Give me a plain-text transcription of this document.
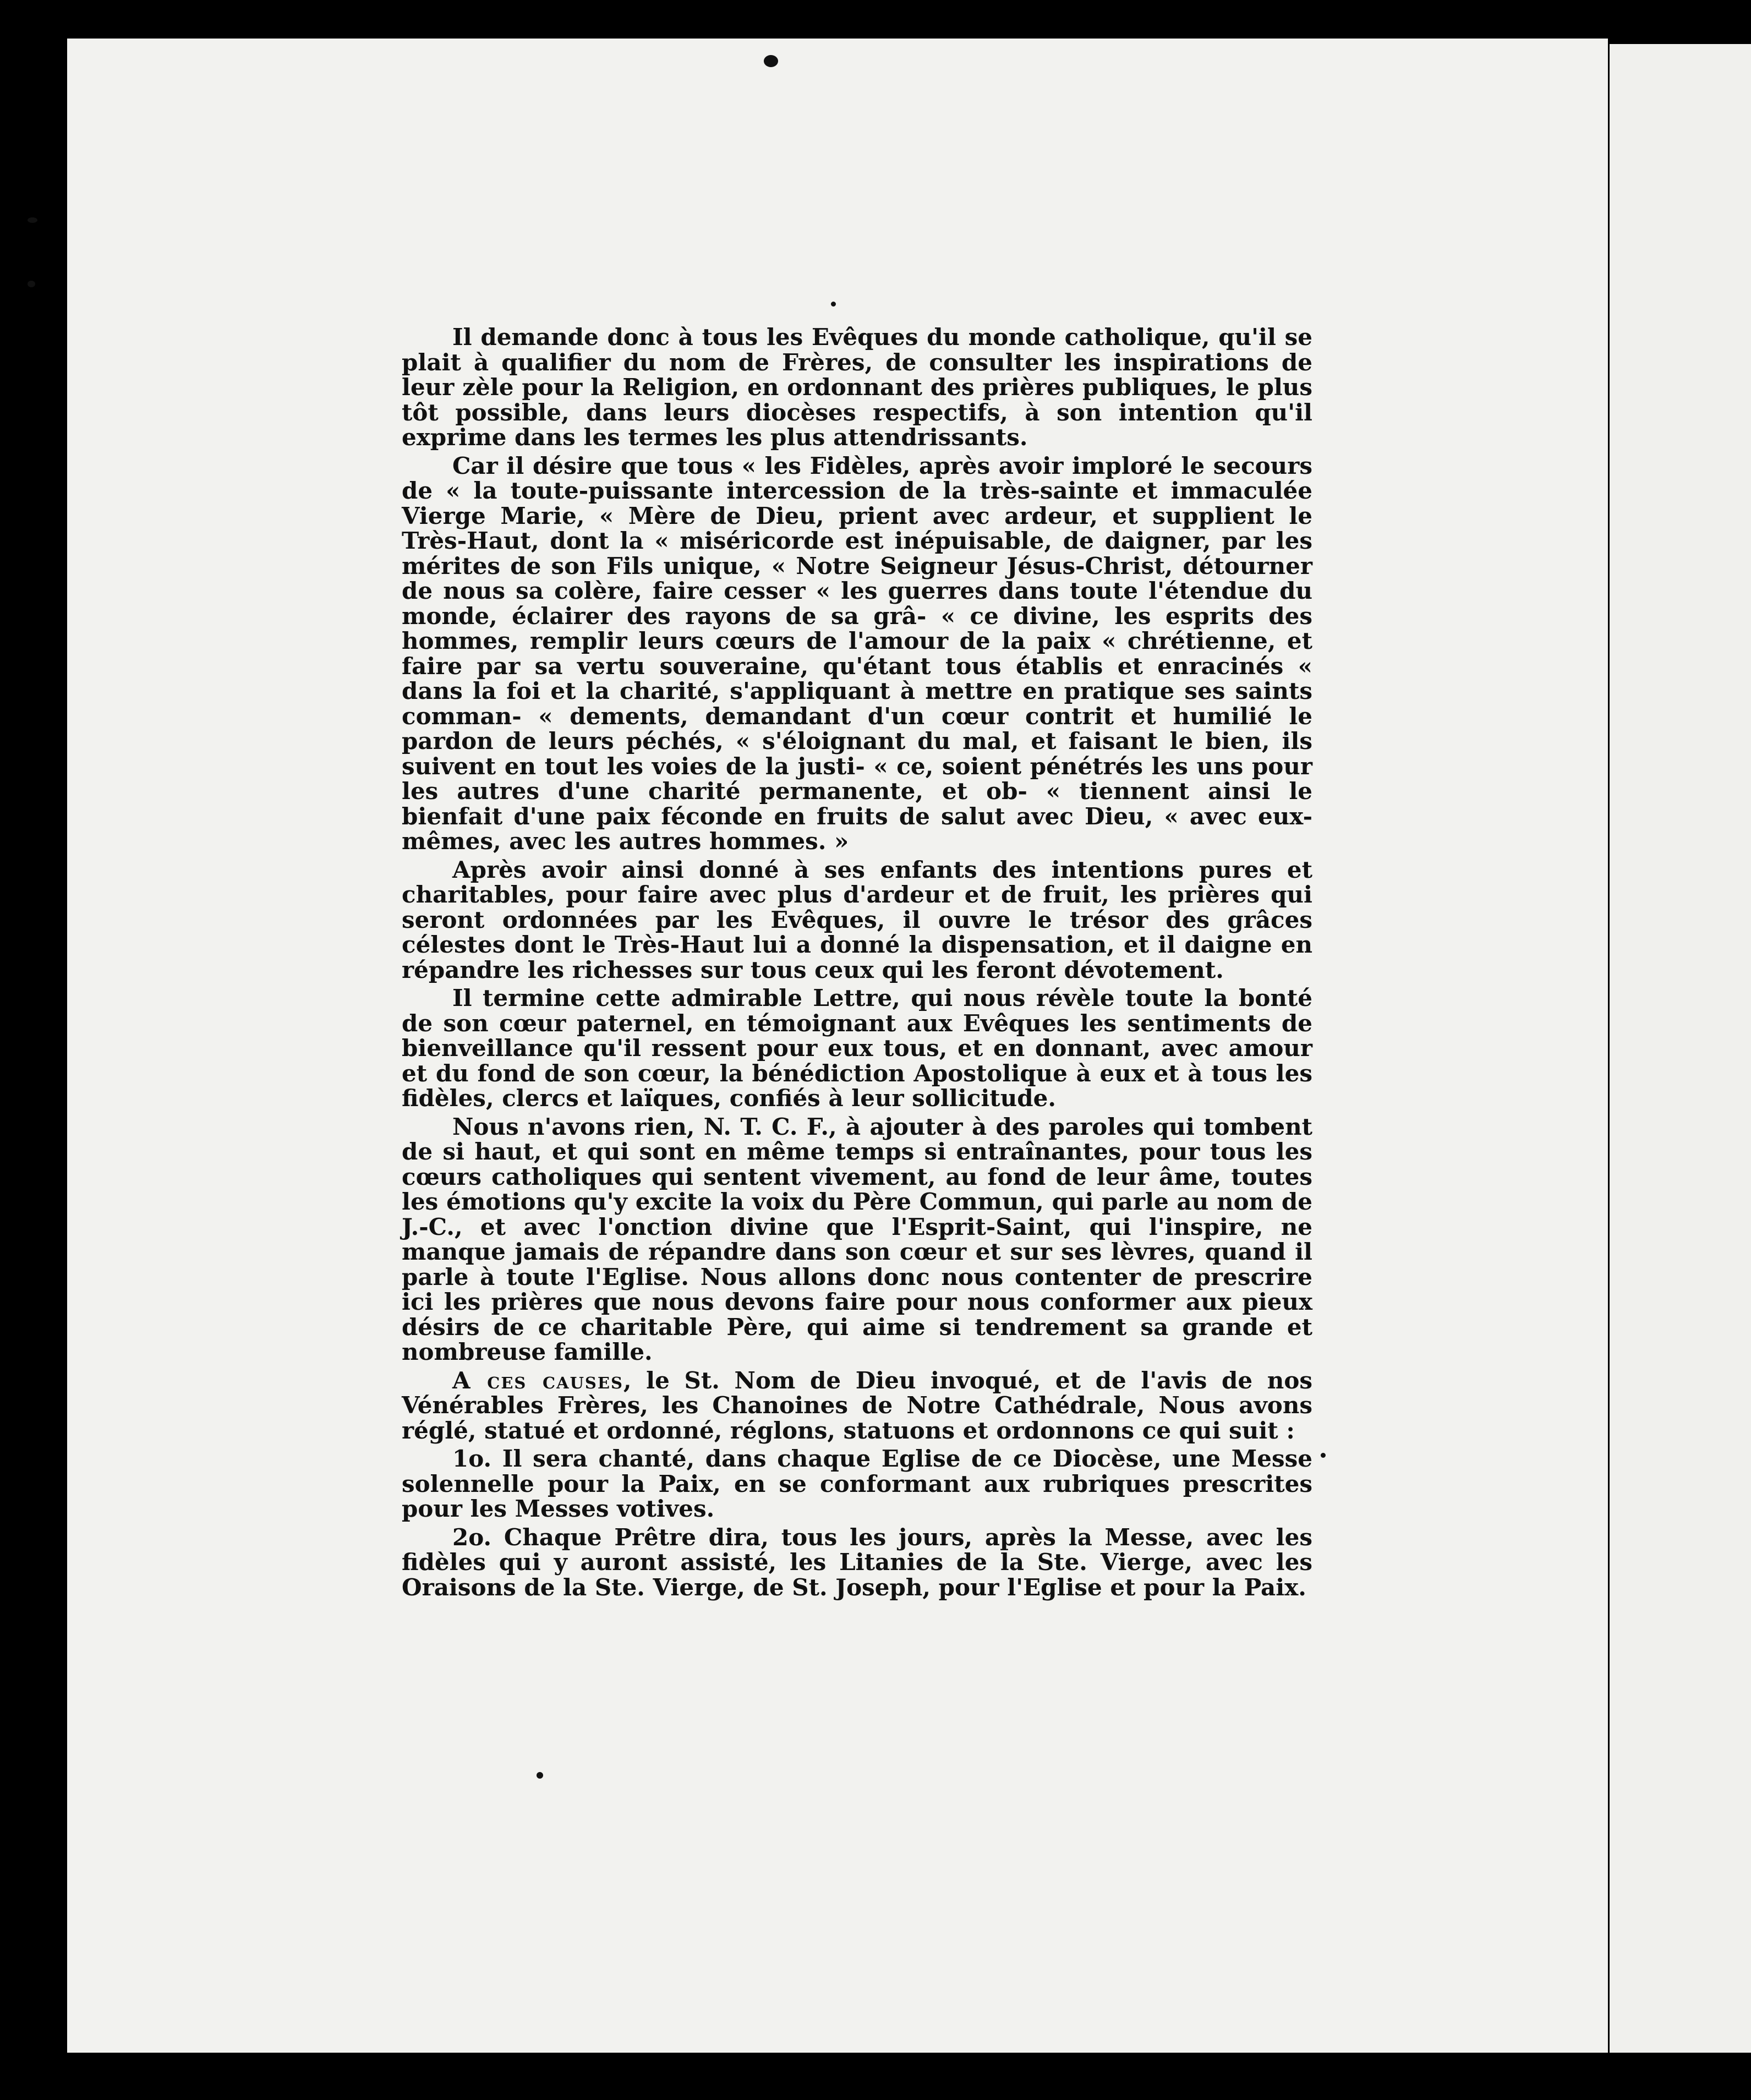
Il demande donc à tous les Evêques du monde catholique, qu'il se plait à qualifier du nom de Frères, de consulter les inspirations de leur zèle pour la Religion, en ordonnant des prières publiques, le plus tôt possible, dans leurs diocèses respectifs, à son intention qu'il exprime dans les termes les plus attendrissants.

Car il désire que tous « les Fidèles, après avoir imploré le secours de « la toute-puissante intercession de la très-sainte et immaculée Vierge Marie, « Mère de Dieu, prient avec ardeur, et supplient le Très-Haut, dont la « miséricorde est inépuisable, de daigner, par les mérites de son Fils unique, « Notre Seigneur Jésus-Christ, détourner de nous sa colère, faire cesser « les guerres dans toute l'étendue du monde, éclairer des rayons de sa grâ- « ce divine, les esprits des hommes, remplir leurs cœurs de l'amour de la paix « chrétienne, et faire par sa vertu souveraine, qu'étant tous établis et enracinés « dans la foi et la charité, s'appliquant à mettre en pratique ses saints comman- « dements, demandant d'un cœur contrit et humilié le pardon de leurs péchés, « s'éloignant du mal, et faisant le bien, ils suivent en tout les voies de la justi- « ce, soient pénétrés les uns pour les autres d'une charité permanente, et ob- « tiennent ainsi le bienfait d'une paix féconde en fruits de salut avec Dieu, « avec eux-mêmes, avec les autres hommes. »

Après avoir ainsi donné à ses enfants des intentions pures et charitables, pour faire avec plus d'ardeur et de fruit, les prières qui seront ordonnées par les Evêques, il ouvre le trésor des grâces célestes dont le Très-Haut lui a donné la dispensation, et il daigne en répandre les richesses sur tous ceux qui les feront dévotement.

Il termine cette admirable Lettre, qui nous révèle toute la bonté de son cœur paternel, en témoignant aux Evêques les sentiments de bienveillance qu'il ressent pour eux tous, et en donnant, avec amour et du fond de son cœur, la bénédiction Apostolique à eux et à tous les fidèles, clercs et laïques, confiés à leur sollicitude.

Nous n'avons rien, N. T. C. F., à ajouter à des paroles qui tombent de si haut, et qui sont en même temps si entraînantes, pour tous les cœurs catholiques qui sentent vivement, au fond de leur âme, toutes les émotions qu'y excite la voix du Père Commun, qui parle au nom de J.-C., et avec l'onction divine que l'Esprit-Saint, qui l'inspire, ne manque jamais de répandre dans son cœur et sur ses lèvres, quand il parle à toute l'Eglise. Nous allons donc nous contenter de prescrire ici les prières que nous devons faire pour nous conformer aux pieux désirs de ce charitable Père, qui aime si tendrement sa grande et nombreuse famille.

A ces causes, le St. Nom de Dieu invoqué, et de l'avis de nos Vénérables Frères, les Chanoines de Notre Cathédrale, Nous avons réglé, statué et ordonné, réglons, statuons et ordonnons ce qui suit :

1o. Il sera chanté, dans chaque Eglise de ce Diocèse, une Messe solennelle pour la Paix, en se conformant aux rubriques prescrites pour les Messes votives.

2o. Chaque Prêtre dira, tous les jours, après la Messe, avec les fidèles qui y auront assisté, les Litanies de la Ste. Vierge, avec les Oraisons de la Ste. Vierge, de St. Joseph, pour l'Eglise et pour la Paix.
